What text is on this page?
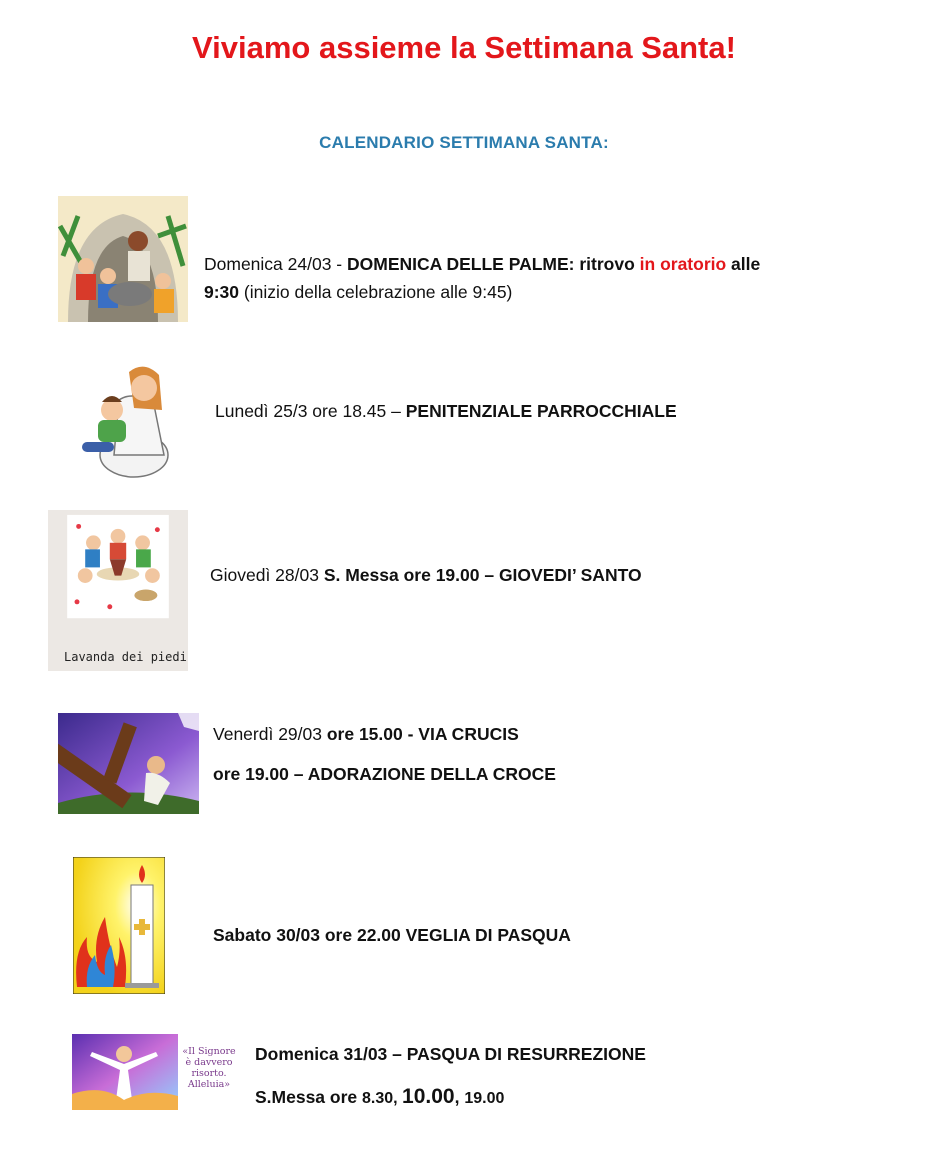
Viviamo assieme la Settimana Santa!
CALENDARIO SETTIMANA SANTA:
Domenica 24/03 - DOMENICA DELLE PALME: ritrovo in oratorio alle
9:30 (inizio della celebrazione alle 9:45)
Lunedì 25/3 ore 18.45 – PENITENZIALE PARROCCHIALE
Lavanda dei piedi
Giovedì 28/03 S. Messa ore 19.00 – GIOVEDI’ SANTO
Venerdì 29/03 ore 15.00 - VIA CRUCIS
ore 19.00 – ADORAZIONE DELLA CROCE
Sabato 30/03 ore 22.00 VEGLIA DI PASQUA
«Il Signore è davvero risorto. Alleluia»
Domenica 31/03 – PASQUA DI RESURREZIONE
S.Messa ore 8.30, 10.00, 19.00
